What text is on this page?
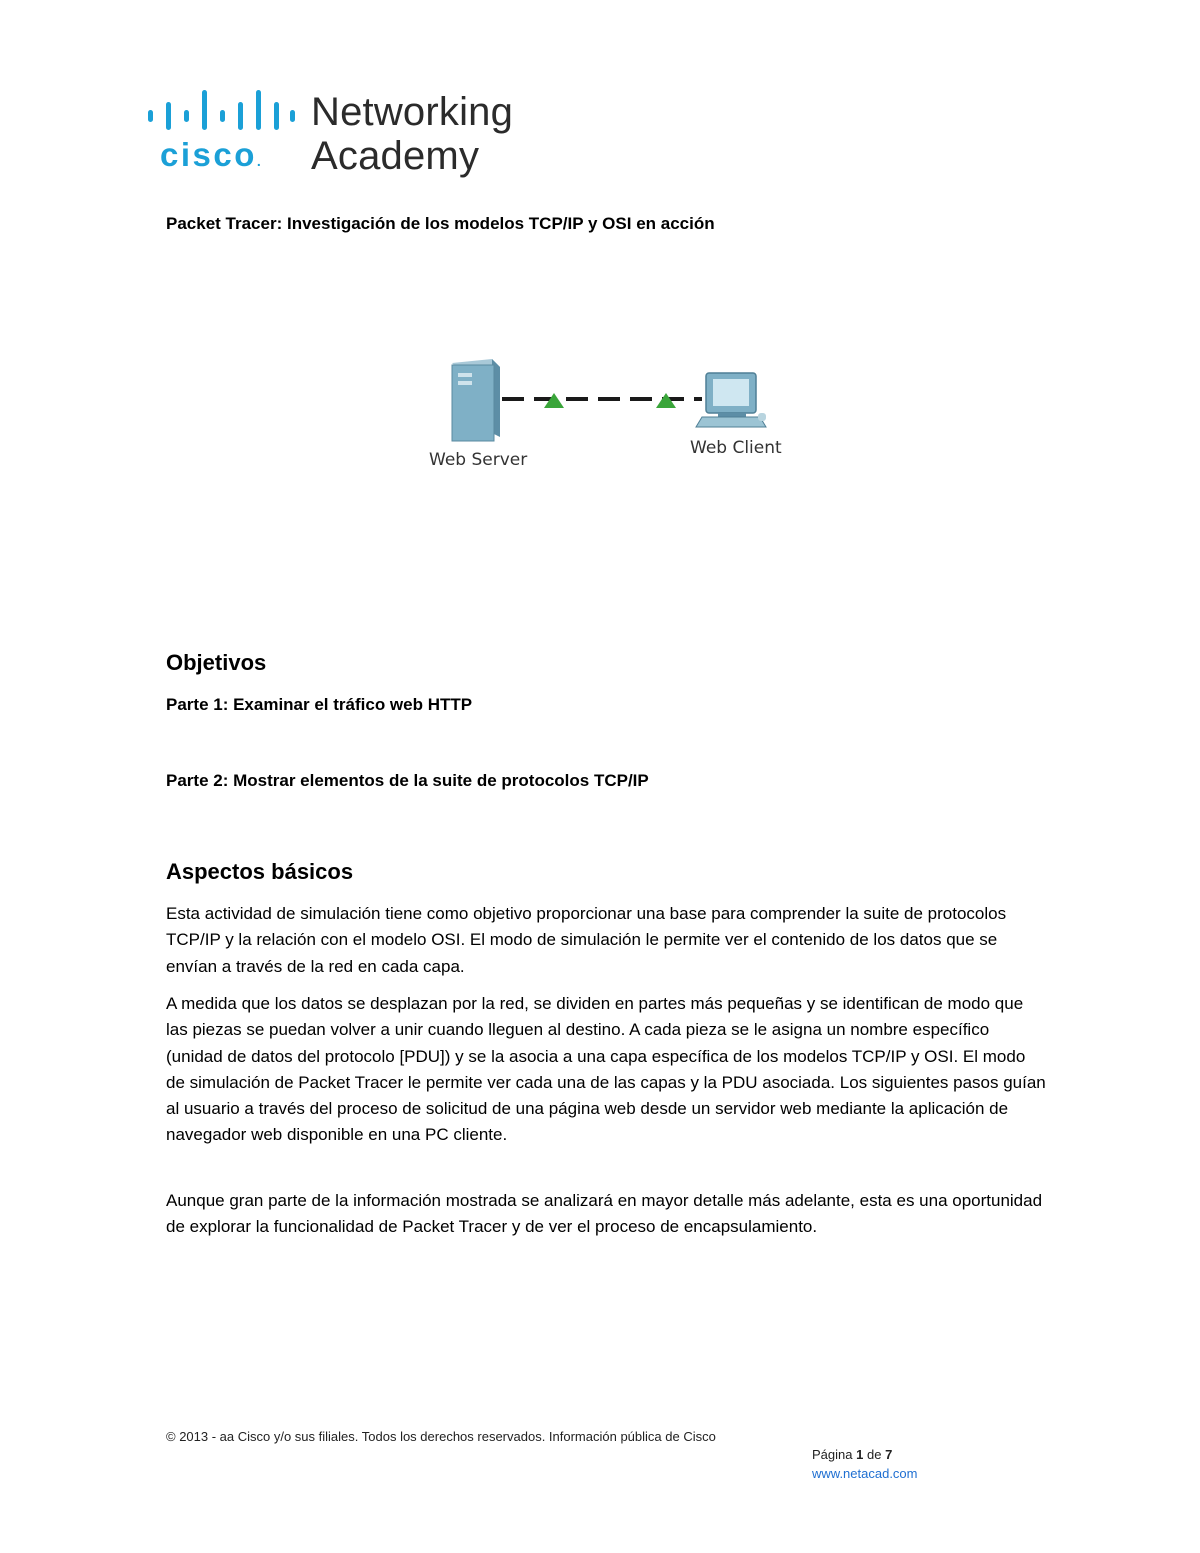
cisco.
Networking
Academy
Packet Tracer: Investigación de los modelos TCP/IP y OSI en acción
Web Server
Web Client
Objetivos
Parte 1: Examinar el tráfico web HTTP
Parte 2: Mostrar elementos de la suite de protocolos TCP/IP
Aspectos básicos

Esta actividad de simulación tiene como objetivo proporcionar una base para comprender la suite de protocolos TCP/IP y la relación con el modelo OSI. El modo de simulación le permite ver el contenido de los datos que se envían a través de la red en cada capa.

A medida que los datos se desplazan por la red, se dividen en partes más pequeñas y se identifican de modo que las piezas se puedan volver a unir cuando lleguen al destino. A cada pieza se le asigna un nombre específico (unidad de datos del protocolo [PDU]) y se la asocia a una capa específica de los modelos TCP/IP y OSI. El modo de simulación de Packet Tracer le permite ver cada una de las capas y la PDU asociada. Los siguientes pasos guían al usuario a través del proceso de solicitud de una página web desde un servidor web mediante la aplicación de navegador web disponible en una PC cliente.

Aunque gran parte de la información mostrada se analizará en mayor detalle más adelante, esta es una oportunidad de explorar la funcionalidad de Packet Tracer y de ver el proceso de encapsulamiento.

© 2013 - aa Cisco y/o sus filiales. Todos los derechos reservados. Información pública de Cisco
Página 1 de 7
www.netacad.com
